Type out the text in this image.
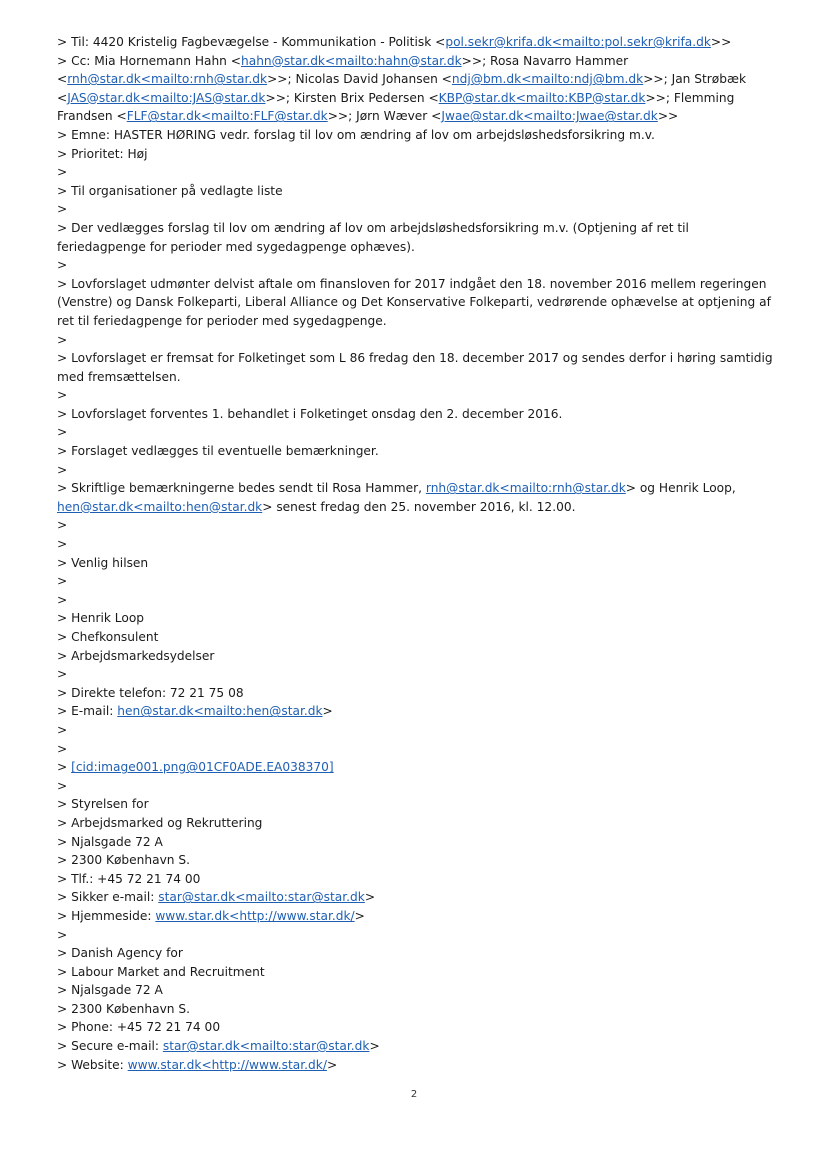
> Til: 4420 Kristelig Fagbevægelse - Kommunikation - Politisk <pol.sekr@krifa.dk<mailto:pol.sekr@krifa.dk>>
> Cc: Mia Hornemann Hahn <hahn@star.dk<mailto:hahn@star.dk>>; Rosa Navarro Hammer
<rnh@star.dk<mailto:rnh@star.dk>>; Nicolas David Johansen <ndj@bm.dk<mailto:ndj@bm.dk>>; Jan Strøbæk
<JAS@star.dk<mailto:JAS@star.dk>>; Kirsten Brix Pedersen <KBP@star.dk<mailto:KBP@star.dk>>; Flemming
Frandsen <FLF@star.dk<mailto:FLF@star.dk>>; Jørn Wæver <Jwae@star.dk<mailto:Jwae@star.dk>>
> Emne: HASTER HØRING vedr. forslag til lov om ændring af lov om arbejdsløshedsforsikring m.v.
> Prioritet: Høj
>
> Til organisationer på vedlagte liste
>
> Der vedlægges forslag til lov om ændring af lov om arbejdsløshedsforsikring m.v. (Optjening af ret til
feriedagpenge for perioder med sygedagpenge ophæves).
>
> Lovforslaget udmønter delvist aftale om finansloven for 2017 indgået den 18. november 2016 mellem regeringen
(Venstre) og Dansk Folkeparti, Liberal Alliance og Det Konservative Folkeparti, vedrørende ophævelse at optjening af
ret til feriedagpenge for perioder med sygedagpenge.
>
> Lovforslaget er fremsat for Folketinget som L 86 fredag den 18. december 2017 og sendes derfor i høring samtidig
med fremsættelsen.
>
> Lovforslaget forventes 1. behandlet i Folketinget onsdag den 2. december 2016.
>
> Forslaget vedlægges til eventuelle bemærkninger.
>
> Skriftlige bemærkningerne bedes sendt til Rosa Hammer, rnh@star.dk<mailto:rnh@star.dk> og Henrik Loop,
hen@star.dk<mailto:hen@star.dk> senest fredag den 25. november 2016, kl. 12.00.
>
>
> Venlig hilsen
>
>
> Henrik Loop
> Chefkonsulent
> Arbejdsmarkedsydelser
>
> Direkte telefon: 72 21 75 08
> E-mail: hen@star.dk<mailto:hen@star.dk>
>
>
> [cid:image001.png@01CF0ADE.EA038370]
>
> Styrelsen for
> Arbejdsmarked og Rekruttering
> Njalsgade 72 A
> 2300 København S.
> Tlf.: +45 72 21 74 00
> Sikker e-mail: star@star.dk<mailto:star@star.dk>
> Hjemmeside: www.star.dk<http://www.star.dk/>
>
> Danish Agency for
> Labour Market and Recruitment
> Njalsgade 72 A
> 2300 København S.
> Phone: +45 72 21 74 00
> Secure e-mail: star@star.dk<mailto:star@star.dk>
> Website: www.star.dk<http://www.star.dk/>
2
